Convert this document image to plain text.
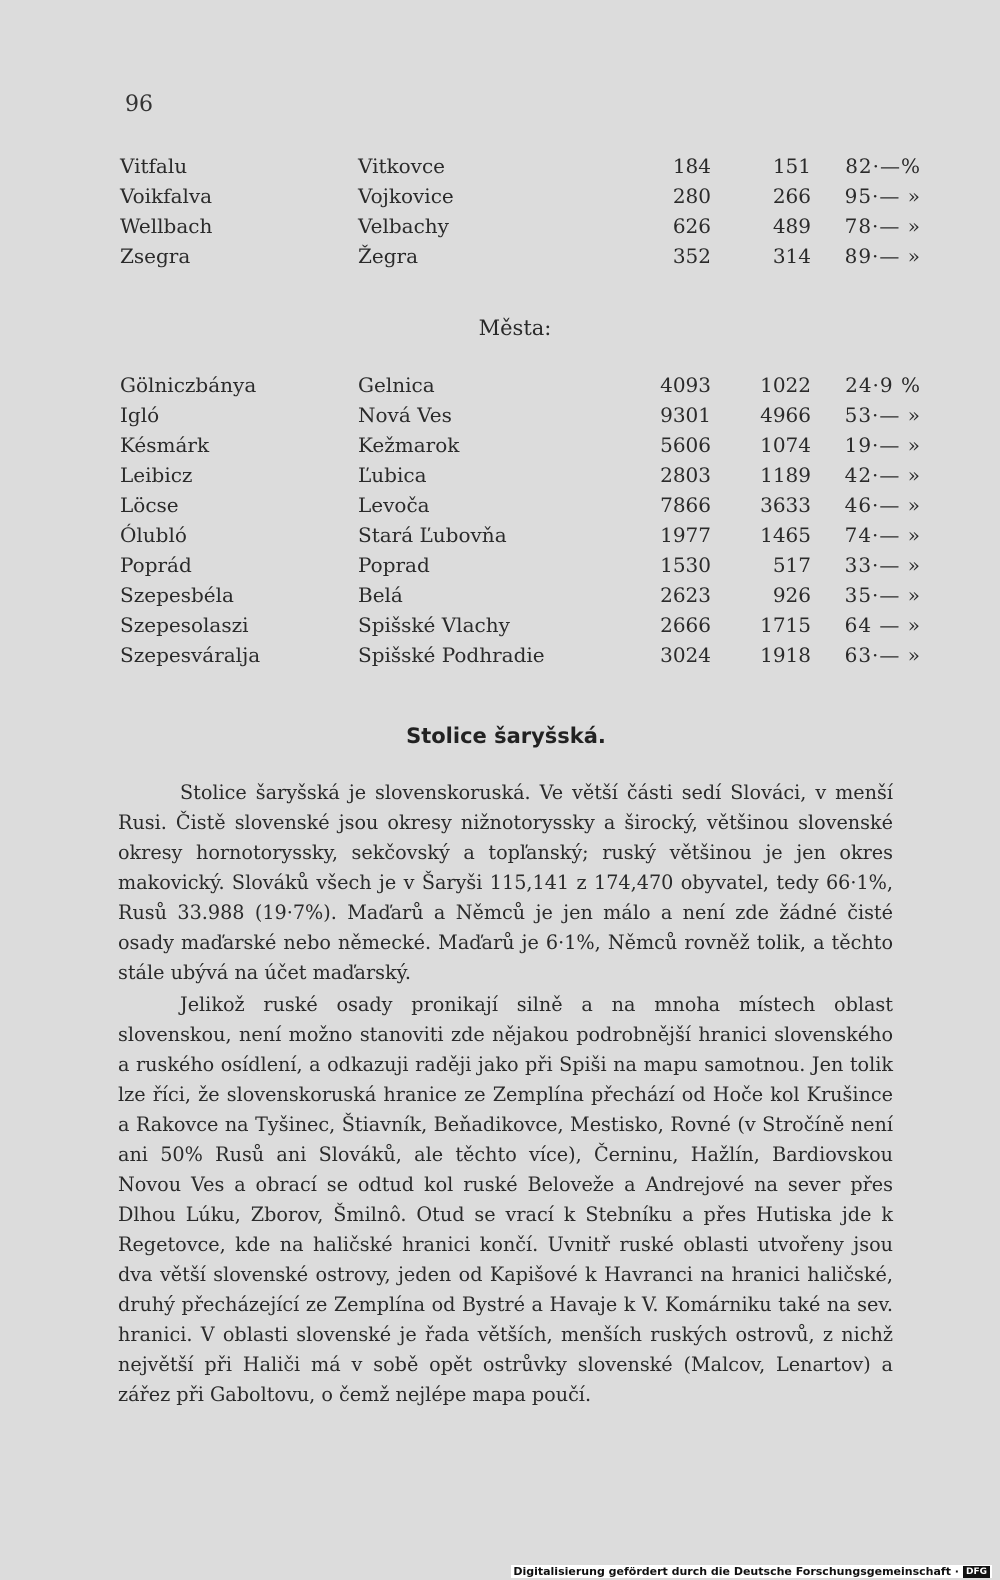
96
Vitfalu	Vitkovce	184	151	82·—%
Voikfalva	Vojkovice	280	266	95·— »
Wellbach	Velbachy	626	489	78·— »
Zsegra	Žegra	352	314	89·— »
Města:
Gölniczbánya	Gelnica	4093	1022	24·9 %
Igló	Nová Ves	9301	4966	53·— »
Késmárk	Kežmarok	5606	1074	19·— »
Leibicz	Ľubica	2803	1189	42·— »
Löcse	Levoča	7866	3633	46·— »
Ólubló	Stará Ľubovňa	1977	1465	74·— »
Poprád	Poprad	1530	517	33·— »
Szepesbéla	Belá	2623	926	35·— »
Szepesolaszi	Spišské Vlachy	2666	1715	64 — »
Szepesváralja	Spišské Podhradie	3024	1918	63·— »
Stolice šaryšská.

Stolice šaryšská je slovenskoruská. Ve větší části sedí Slováci, v menší Rusi. Čistě slovenské jsou okresy nižnotoryssky a širocký, většinou slovenské okresy hornotoryssky, sekčovský a topľanský; ruský většinou je jen okres makovický. Slováků všech je v Šaryši 115,141 z 174,470 obyvatel, tedy 66·1%, Rusů 33.988 (19·7%). Maďarů a Němců je jen málo a není zde žádné čisté osady maďarské nebo německé. Maďarů je 6·1%, Němců rovněž tolik, a těchto stále ubývá na účet maďarský.

Jelikož ruské osady pronikají silně a na mnoha místech oblast slovenskou, není možno stanoviti zde nějakou podrobnější hranici slovenského a ruského osídlení, a odkazuji raději jako při Spiši na mapu samotnou. Jen tolik lze říci, že slovenskoruská hranice ze Zemplína přechází od Hoče kol Krušince a Rakovce na Tyšinec, Štiavník, Beňadikovce, Mestisko, Rovné (v Stročíně není ani 50% Rusů ani Slováků, ale těchto více), Černinu, Hažlín, Bardiovskou Novou Ves a obrací se odtud kol ruské Beloveže a Andrejové na sever přes Dlhou Lúku, Zborov, Šmilnô. Otud se vrací k Stebníku a přes Hutiska jde k Regetovce, kde na haličské hranici končí. Uvnitř ruské oblasti utvořeny jsou dva větší slovenské ostrovy, jeden od Kapišové k Havranci na hranici haličské, druhý přecházející ze Zemplína od Bystré a Havaje k V. Komárniku také na sev. hranici. V oblasti slovenské je řada větších, menších ruských ostrovů, z nichž největší při Haliči má v sobě opět ostrůvky slovenské (Malcov, Lenartov) a zářez při Gaboltovu, o čemž nejlépe mapa poučí.

Digitalisierung gefördert durch die Deutsche Forschungsgemeinschaft · DFG
